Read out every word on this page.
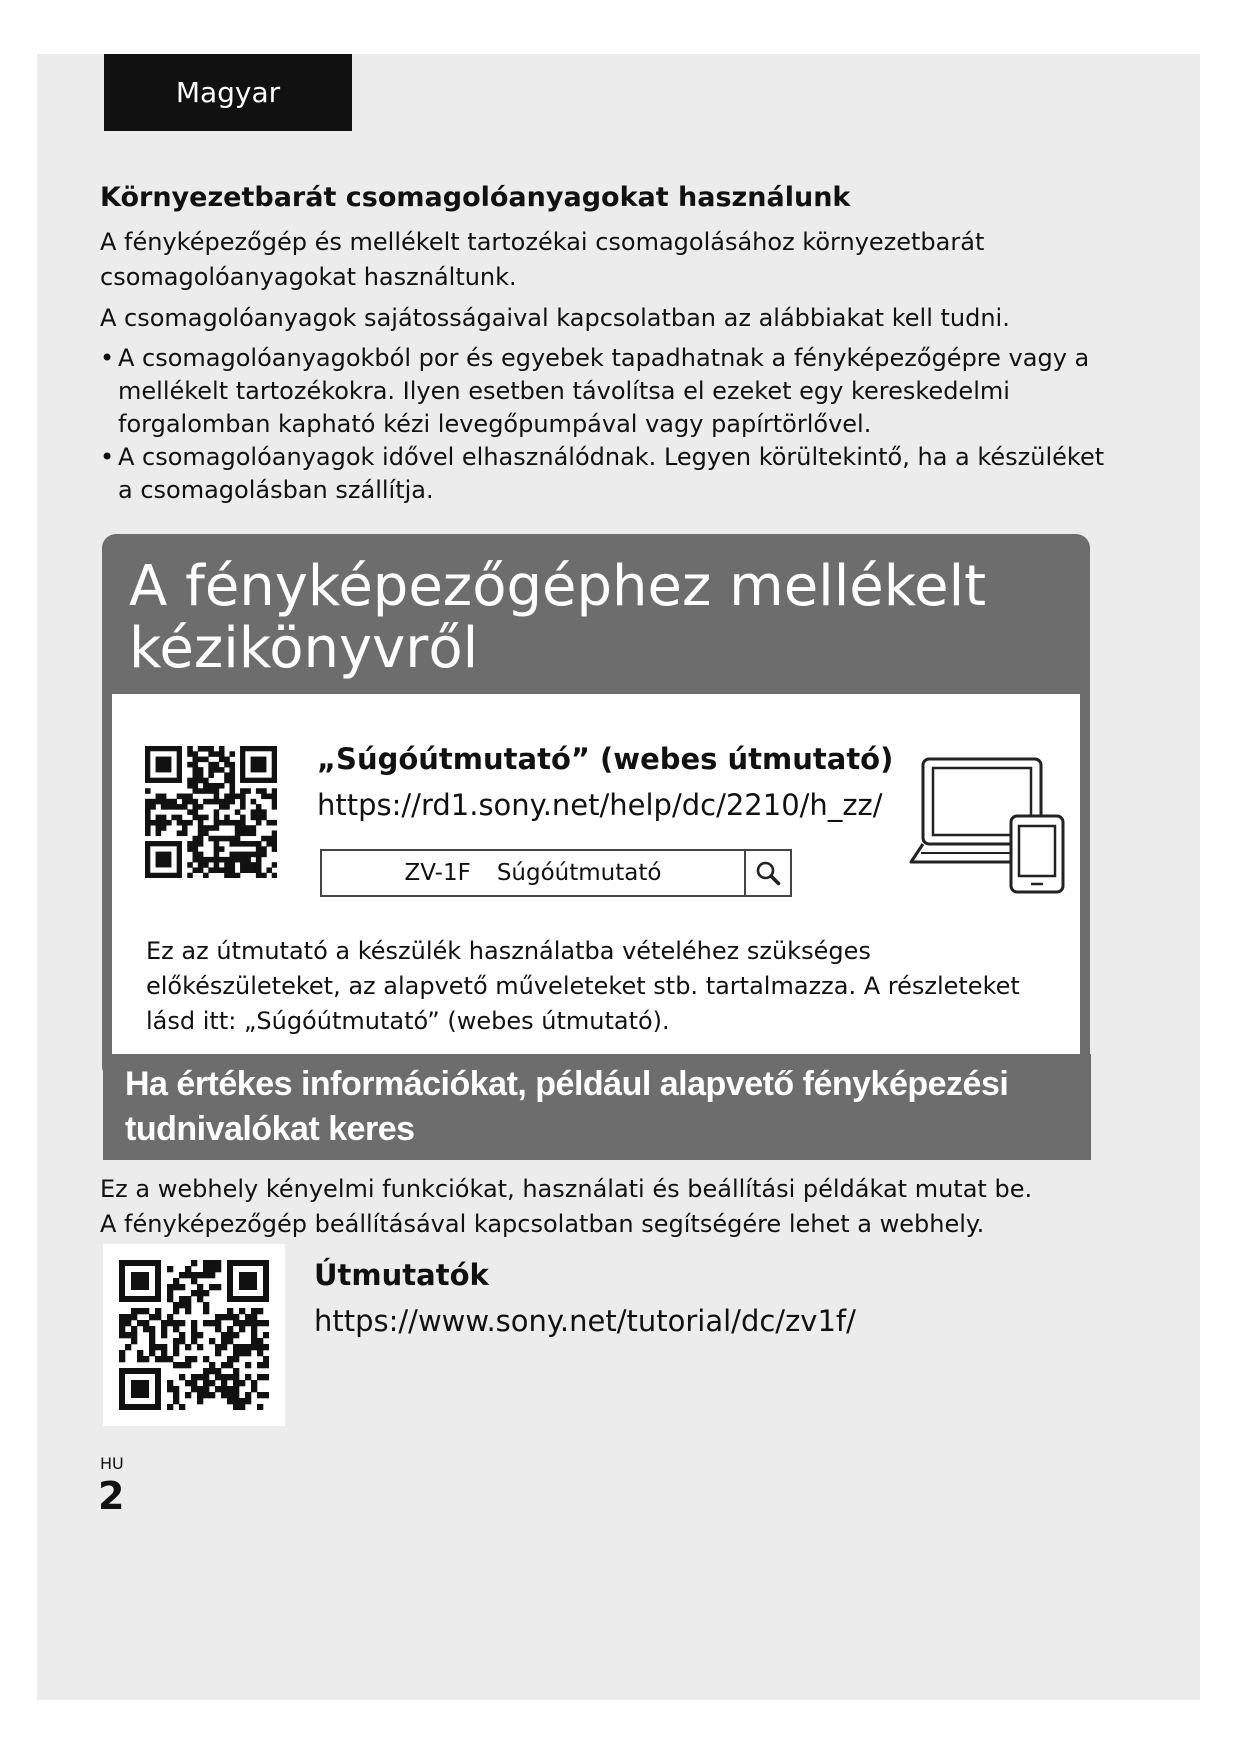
Magyar
Környezetbarát csomagolóanyagokat használunk

A fényképezőgép és mellékelt tartozékai csomagolásához környezetbarát csomagolóanyagokat használtunk.

A csomagolóanyagok sajátosságaival kapcsolatban az alábbiakat kell tudni.

• A csomagolóanyagokból por és egyebek tapadhatnak a fényképezőgépre vagy a mellékelt tartozékokra. Ilyen esetben távolítsa el ezeket egy kereskedelmi forgalomban kapható kézi levegőpumpával vagy papírtörlővel.
• A csomagolóanyagok idővel elhasználódnak. Legyen körültekintő, ha a készüléket a csomagolásban szállítja.
A fényképezőgéphez mellékelt kézikönyvről
„Súgóútmutató” (webes útmutató)
https://rd1.sony.net/help/dc/2210/h_zz/
ZV-1F Súgóútmutató
Ez az útmutató a készülék használatba vételéhez szükséges előkészületeket, az alapvető műveleteket stb. tartalmazza. A részleteket lásd itt: „Súgóútmutató” (webes útmutató).
Ha értékes információkat, például alapvető fényképezési tudnivalókat keres
Ez a webhely kényelmi funkciókat, használati és beállítási példákat mutat be.
A fényképezőgép beállításával kapcsolatban segítségére lehet a webhely.
Útmutatók
https://www.sony.net/tutorial/dc/zv1f/
HU
2
